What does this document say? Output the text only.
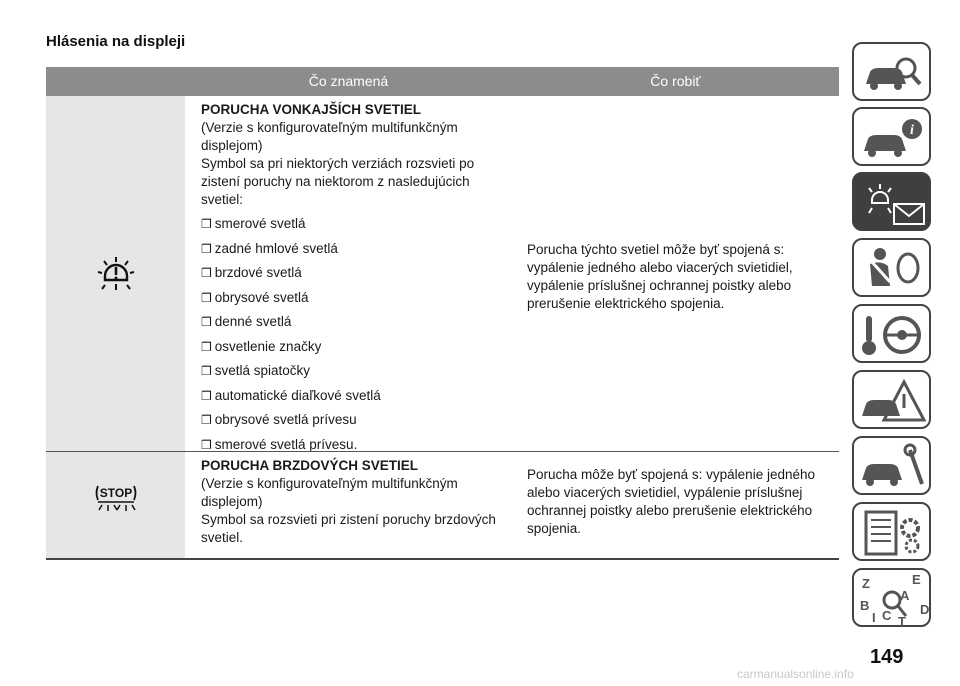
Hlásenia na displeji
Čo znamená	Čo robiť
PORUCHA VONKAJŠÍCH SVETIEL

(Verzie s konfigurovateľným multifunkčným displejom)

Symbol sa pri niektorých verziách rozsvieti po zistení poruchy na niektorom z nasledujúcich svetiel:

❒ smerové svetlá
❒ zadné hmlové svetlá
❒ brzdové svetlá
❒ obrysové svetlá
❒ denné svetlá
❒ osvetlenie značky
❒ svetlá spiatočky
❒ automatické diaľkové svetlá
❒ obrysové svetlá prívesu
❒ smerové svetlá prívesu.
Porucha týchto svetiel môže byť spojená s: vypálenie jedného alebo viacerých svietidiel, vypálenie príslušnej ochrannej poistky alebo prerušenie elektrického spojenia.
STOP
PORUCHA BRZDOVÝCH SVETIEL

(Verzie s konfigurovateľným multifunkčným displejom)

Symbol sa rozsvieti pri zistení poruchy brzdových svetiel.

Porucha môže byť spojená s: vypálenie jedného alebo viacerých svietidiel, vypálenie príslušnej ochrannej poistky alebo prerušenie elektrického spojenia.
i
Z	E
B
A
D
I C T
149
carmanualsonline.info
